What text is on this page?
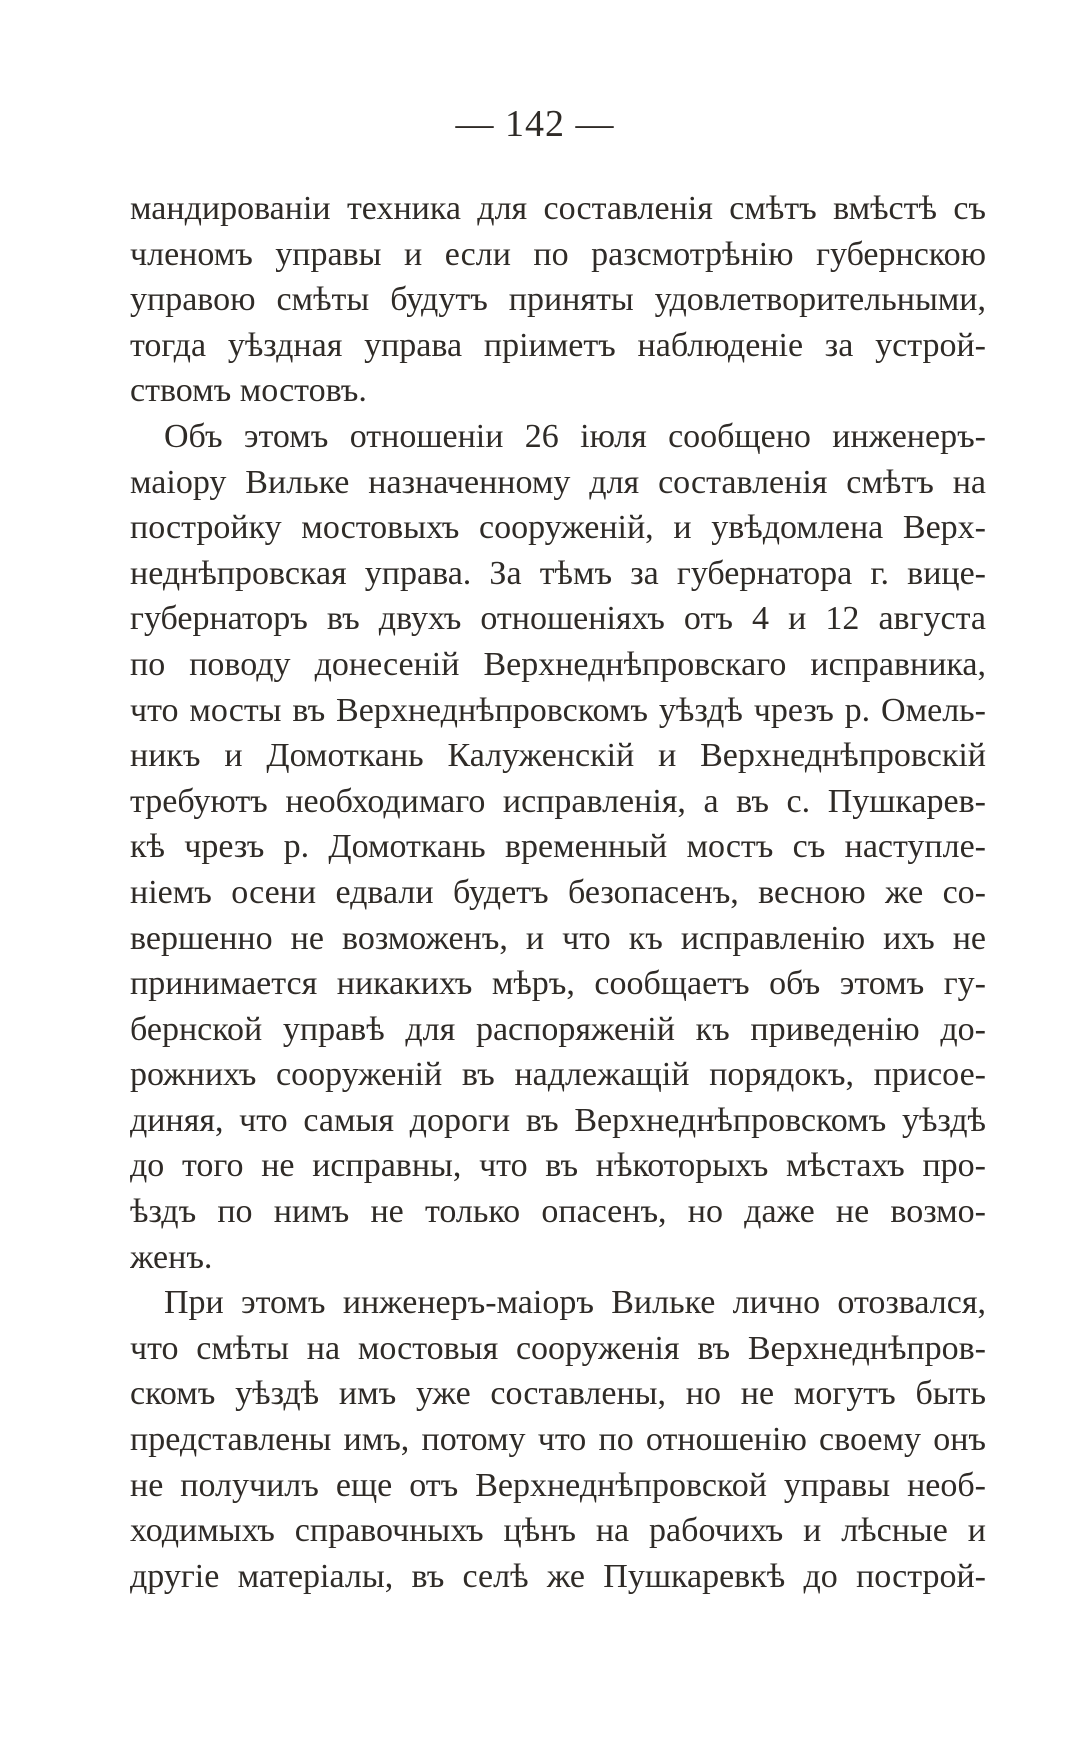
— 142 —
мандированіи техника для составленія смѣтъ вмѣстѣ съ
членомъ управы и если по разсмотрѣнію губернскою
управою смѣты будутъ приняты удовлетворительными,
тогда уѣздная управа пріиметъ наблюденіе за устрой-
ствомъ мостовъ.
Объ этомъ отношеніи 26 іюля сообщено инженеръ-
маіору Вильке назначенному для составленія смѣтъ на
постройку мостовыхъ сооруженій, и увѣдомлена Верх-
неднѣпровская управа. За тѣмъ за губернатора г. вице-
губернаторъ въ двухъ отношеніяхъ отъ 4 и 12 августа
по поводу донесеній Верхнеднѣпровскаго исправника,
что мосты въ Верхнеднѣпровскомъ уѣздѣ чрезъ р. Омель-
никъ и Домоткань Калуженскій и Верхнеднѣпровскій
требуютъ необходимаго исправленія, а въ с. Пушкарев-
кѣ чрезъ р. Домоткань временный мостъ съ наступле-
ніемъ осени едвали будетъ безопасенъ, весною же со-
вершенно не возможенъ, и что къ исправленію ихъ не
принимается никакихъ мѣръ, сообщаетъ объ этомъ гу-
бернской управѣ для распоряженій къ приведенію до-
рожнихъ сооруженій въ надлежащій порядокъ, присое-
диняя, что самыя дороги въ Верхнеднѣпровскомъ уѣздѣ
до того не исправны, что въ нѣкоторыхъ мѣстахъ про-
ѣздъ по нимъ не только опасенъ, но даже не возмо-
женъ.
При этомъ инженеръ-маіоръ Вильке лично отозвался,
что смѣты на мостовыя сооруженія въ Верхнеднѣпров-
скомъ уѣздѣ имъ уже составлены, но не могутъ быть
представлены имъ, потому что по отношенію своему онъ
не получилъ еще отъ Верхнеднѣпровской управы необ-
ходимыхъ справочныхъ цѣнъ на рабочихъ и лѣсные и
другіе матеріалы, въ селѣ же Пушкаревкѣ до построй-
